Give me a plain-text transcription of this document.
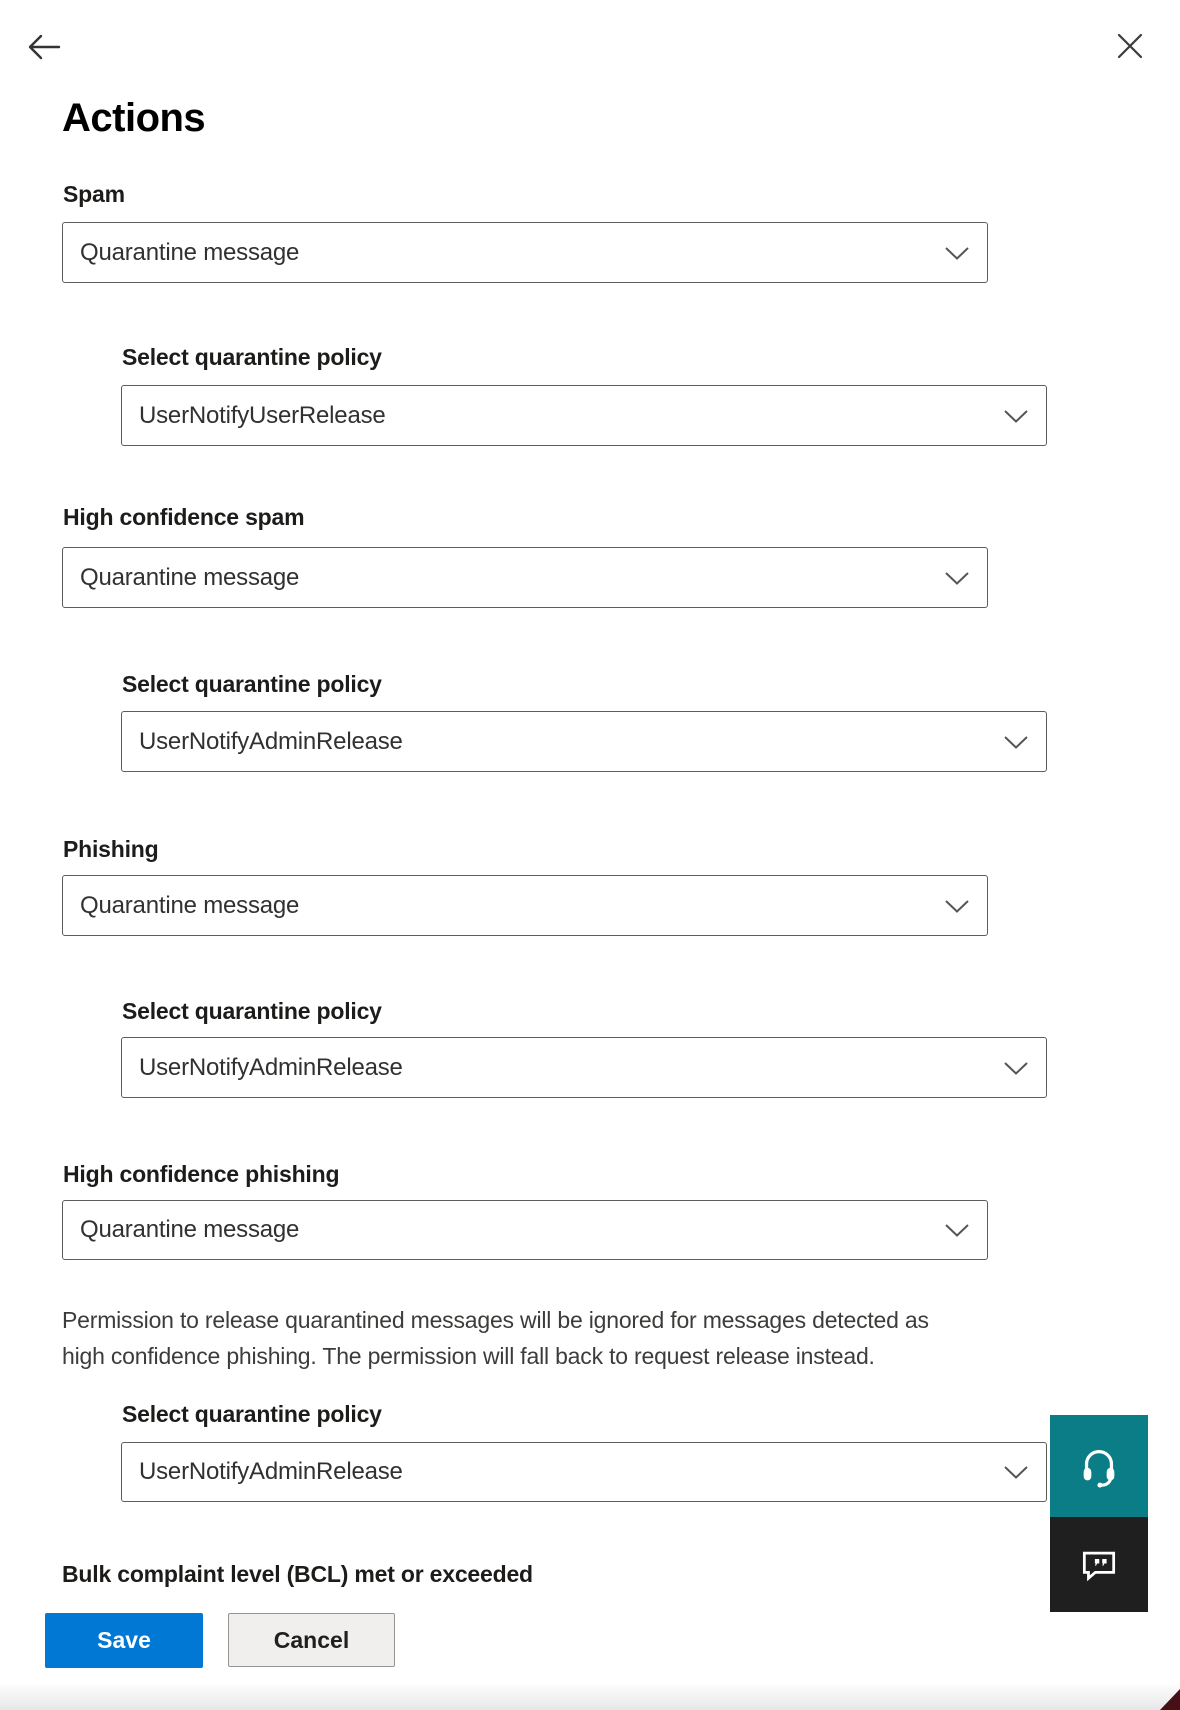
Actions
Spam
Quarantine message
Select quarantine policy
UserNotifyUserRelease
High confidence spam
Quarantine message
Select quarantine policy
UserNotifyAdminRelease
Phishing
Quarantine message
Select quarantine policy
UserNotifyAdminRelease
High confidence phishing
Quarantine message
Permission to release quarantined messages will be ignored for messages detected as
high confidence phishing. The permission will fall back to request release instead.
Select quarantine policy
UserNotifyAdminRelease
Bulk complaint level (BCL) met or exceeded
Save	Cancel
